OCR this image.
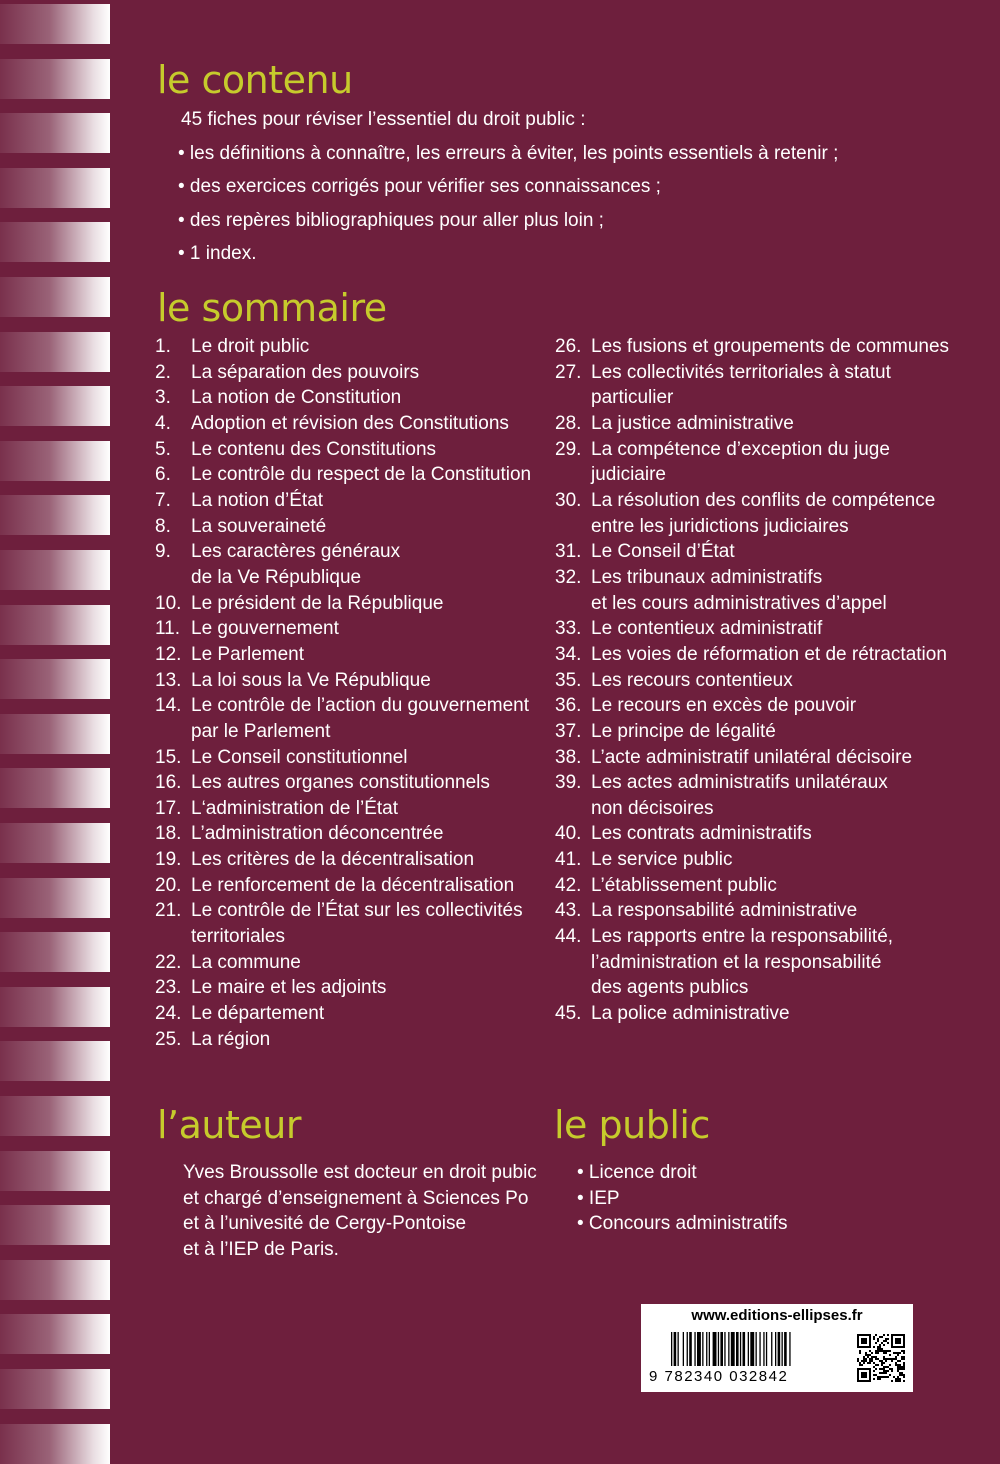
le contenu
45 fiches pour réviser l’essentiel du droit public :
• les définitions à connaître, les erreurs à éviter, les points essentiels à retenir ;
• des exercices corrigés pour vérifier ses connaissances ;
• des repères bibliographiques pour aller plus loin ;
• 1 index.
le sommaire
1.	Le droit public
2.	La séparation des pouvoirs
3.	La notion de Constitution
4.	Adoption et révision des Constitutions
5.	Le contenu des Constitutions
6.	Le contrôle du respect de la Constitution
7.	La notion d’État
8.	La souveraineté
9.	Les caractères généraux
de la Ve République
10. Le président de la République
11. Le gouvernement
12. Le Parlement
13. La loi sous la Ve République
14. Le contrôle de l’action du gouvernement
par le Parlement
15. Le Conseil constitutionnel
16. Les autres organes constitutionnels
17. L‘administration de l’État
18. L’administration déconcentrée
19. Les critères de la décentralisation
20. Le renforcement de la décentralisation
21. Le contrôle de l’État sur les collectivités
territoriales
22. La commune
23. Le maire et les adjoints
24. Le département
25. La région
26. Les fusions et groupements de communes
27. Les collectivités territoriales à statut
particulier
28. La justice administrative
29. La compétence d’exception du juge
judiciaire
30. La résolution des conflits de compétence
entre les juridictions judiciaires
31. Le Conseil d’État
32. Les tribunaux administratifs
et les cours administratives d’appel
33. Le contentieux administratif
34. Les voies de réformation et de rétractation
35. Les recours contentieux
36. Le recours en excès de pouvoir
37. Le principe de légalité
38. L’acte administratif unilatéral décisoire
39. Les actes administratifs unilatéraux
non décisoires
40. Les contrats administratifs
41. Le service public
42. L’établissement public
43. La responsabilité administrative
44. Les rapports entre la responsabilité,
l’administration et la responsabilité
des agents publics
45. La police administrative
l’auteur
Yves Broussolle est docteur en droit pubic
et chargé d’enseignement à Sciences Po
et à l’univesité de Cergy-Pontoise
et à l’IEP de Paris.
le public
• Licence droit
• IEP
• Concours administratifs
www.editions-ellipses.fr
9 782340 032842
